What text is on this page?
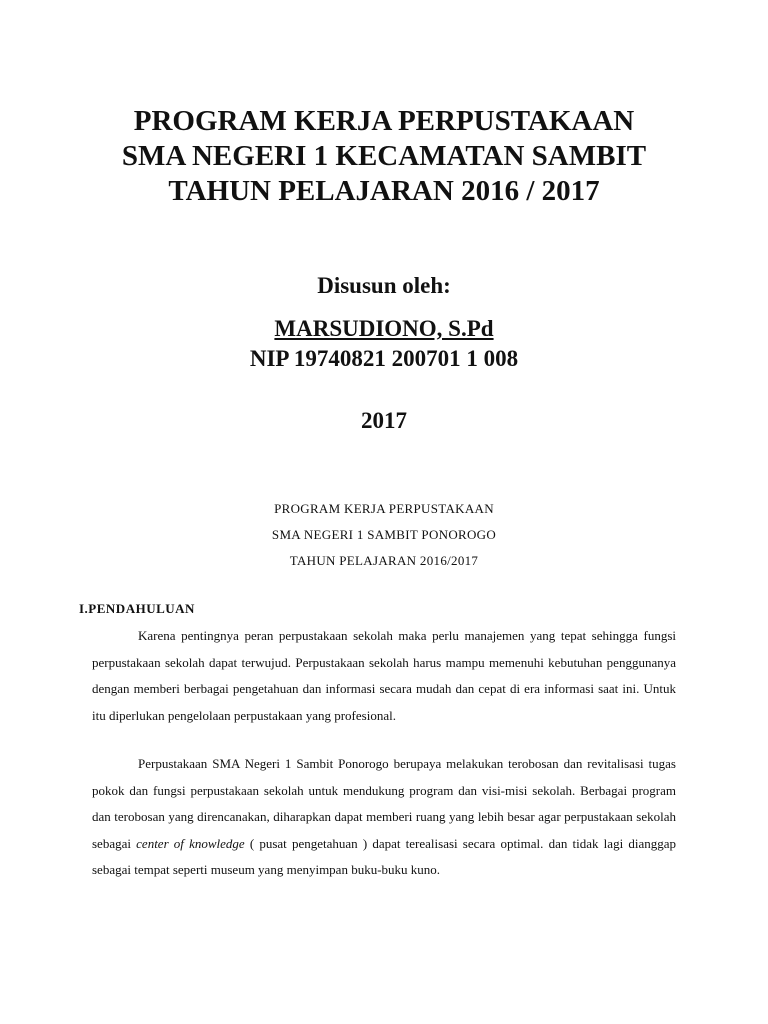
PROGRAM KERJA PERPUSTAKAAN
SMA NEGERI 1 KECAMATAN SAMBIT
TAHUN PELAJARAN 2016 / 2017
Disusun oleh:
MARSUDIONO, S.Pd
NIP 19740821 200701 1 008
2017
PROGRAM KERJA PERPUSTAKAAN
SMA NEGERI 1 SAMBIT PONOROGO
TAHUN PELAJARAN 2016/2017
I.PENDAHULUAN

Karena pentingnya peran perpustakaan sekolah maka perlu manajemen yang tepat sehingga fungsi perpustakaan sekolah dapat terwujud. Perpustakaan sekolah harus mampu memenuhi kebutuhan penggunanya dengan memberi berbagai pengetahuan dan informasi secara mudah dan cepat di era informasi saat ini. Untuk itu diperlukan pengelolaan perpustakaan yang profesional.

Perpustakaan SMA Negeri 1 Sambit Ponorogo berupaya melakukan terobosan dan revitalisasi tugas pokok dan fungsi perpustakaan sekolah untuk mendukung program dan visi-misi sekolah. Berbagai program dan terobosan yang direncanakan, diharapkan dapat memberi ruang yang lebih besar agar perpustakaan sekolah sebagai center of knowledge ( pusat pengetahuan ) dapat terealisasi secara optimal. dan tidak lagi dianggap sebagai tempat seperti museum yang menyimpan buku-buku kuno.
